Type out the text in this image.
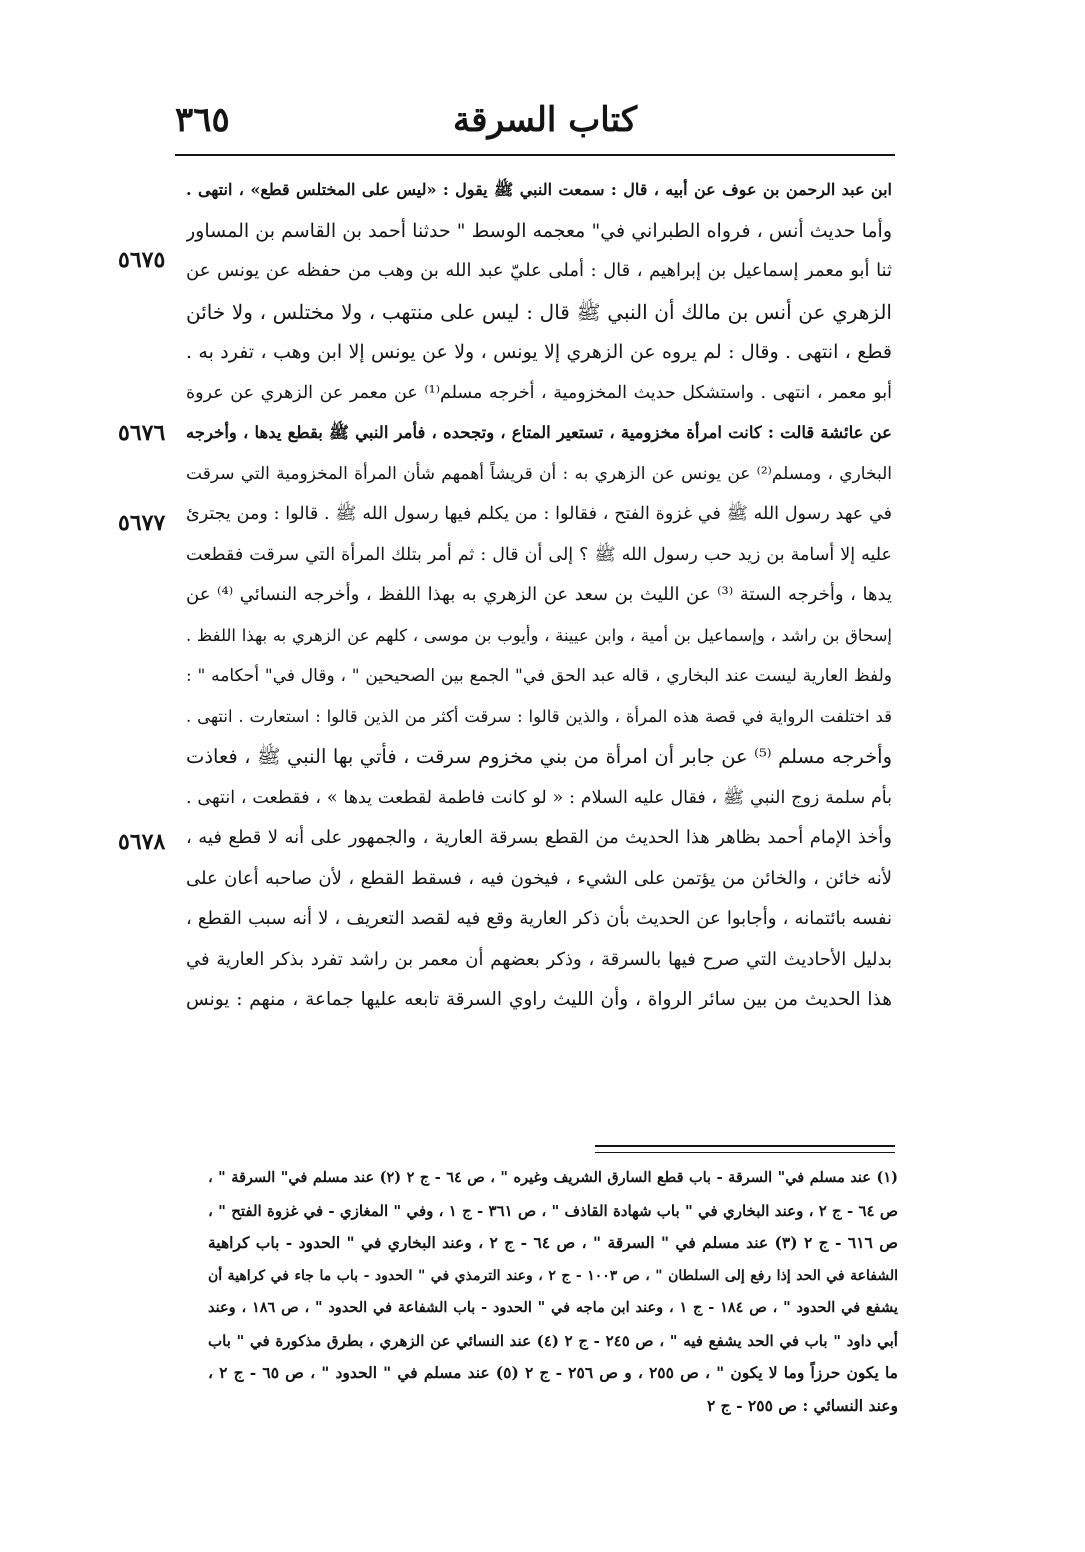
٣٦٥	كتاب السرقة
ابن عبد الرحمن بن عوف عن أبيه ، قال : سمعت النبي ﷺ يقول : «ليس على المختلس قطع» ، انتهى .
وأما حديث أنس ، فرواه الطبراني في" معجمه الوسط " حدثنا أحمد بن القاسم بن المساور
ثنا أبو معمر إسماعيل بن إبراهيم ، قال : أملى عليّ عبد الله بن وهب من حفظه عن يونس عن
الزهري عن أنس بن مالك أن النبي ﷺ قال : ليس على منتهب ، ولا مختلس ، ولا خائن
قطع ، انتهى . وقال : لم يروه عن الزهري إلا يونس ، ولا عن يونس إلا ابن وهب ، تفرد به .
أبو معمر ، انتهى . واستشكل حديث المخزومية ، أخرجه مسلم⁽¹⁾ عن معمر عن الزهري عن عروة
عن عائشة قالت : كانت امرأة مخزومية ، تستعير المتاع ، وتجحده ، فأمر النبي ﷺ بقطع يدها ، وأخرجه
البخاري ، ومسلم⁽²⁾ عن يونس عن الزهري به : أن قريشاً أهمهم شأن المرأة المخزومية التي سرقت
في عهد رسول الله ﷺ في غزوة الفتح ، فقالوا : من يكلم فيها رسول الله ﷺ . قالوا : ومن يجترئ
عليه إلا أسامة بن زيد حب رسول الله ﷺ ؟ إلى أن قال : ثم أمر بتلك المرأة التي سرقت فقطعت
يدها ، وأخرجه الستة ⁽³⁾ عن الليث بن سعد عن الزهري به بهذا اللفظ ، وأخرجه النسائي ⁽⁴⁾ عن
إسحاق بن راشد ، وإسماعيل بن أمية ، وابن عيينة ، وأيوب بن موسى ، كلهم عن الزهري به بهذا اللفظ .
ولفظ العارية ليست عند البخاري ، قاله عبد الحق في" الجمع بين الصحيحين " ، وقال في" أحكامه " :
قد اختلفت الرواية في قصة هذه المرأة ، والذين قالوا : سرقت أكثر من الذين قالوا : استعارت . انتهى .
وأخرجه مسلم ⁽⁵⁾ عن جابر أن امرأة من بني مخزوم سرقت ، فأتي بها النبي ﷺ ، فعاذت
بأم سلمة زوج النبي ﷺ ، فقال عليه السلام : « لو كانت فاطمة لقطعت يدها » ، فقطعت ، انتهى .
وأخذ الإمام أحمد بظاهر هذا الحديث من القطع بسرقة العارية ، والجمهور على أنه لا قطع فيه ،
لأنه خائن ، والخائن من يؤتمن على الشيء ، فيخون فيه ، فسقط القطع ، لأن صاحبه أعان على
نفسه بائتمانه ، وأجابوا عن الحديث بأن ذكر العارية وقع فيه لقصد التعريف ، لا أنه سبب القطع ،
بدليل الأحاديث التي صرح فيها بالسرقة ، وذكر بعضهم أن معمر بن راشد تفرد بذكر العارية في
هذا الحديث من بين سائر الرواة ، وأن الليث راوي السرقة تابعه عليها جماعة ، منهم : يونس
٥٦٧٥
٥٦٧٦
٥٦٧٧
٥٦٧٨
(١) عند مسلم في" السرقة - باب قطع السارق الشريف وغيره " ، ص ٦٤ - ج ٢ (٢) عند مسلم في" السرقة " ،
ص ٦٤ - ج ٢ ، وعند البخاري في " باب شهادة القاذف " ، ص ٣٦١ - ج ١ ، وفي " المغازي - في غزوة الفتح " ،
ص ٦١٦ - ج ٢ (٣) عند مسلم في " السرقة " ، ص ٦٤ - ج ٢ ، وعند البخاري في " الحدود - باب كراهية
الشفاعة في الحد إذا رفع إلى السلطان " ، ص ١٠٠٣ - ج ٢ ، وعند الترمذي في " الحدود - باب ما جاء في كراهية أن
يشفع في الحدود " ، ص ١٨٤ - ج ١ ، وعند ابن ماجه في " الحدود - باب الشفاعة في الحدود " ، ص ١٨٦ ، وعند
أبي داود " باب في الحد يشفع فيه " ، ص ٢٤٥ - ج ٢ (٤) عند النسائي عن الزهري ، بطرق مذكورة في " باب
ما يكون حرزاً وما لا يكون " ، ص ٢٥٥ ، و ص ٢٥٦ - ج ٢ (٥) عند مسلم في " الحدود " ، ص ٦٥ - ج ٢ ،
وعند النسائي : ص ٢٥٥ - ج ٢
